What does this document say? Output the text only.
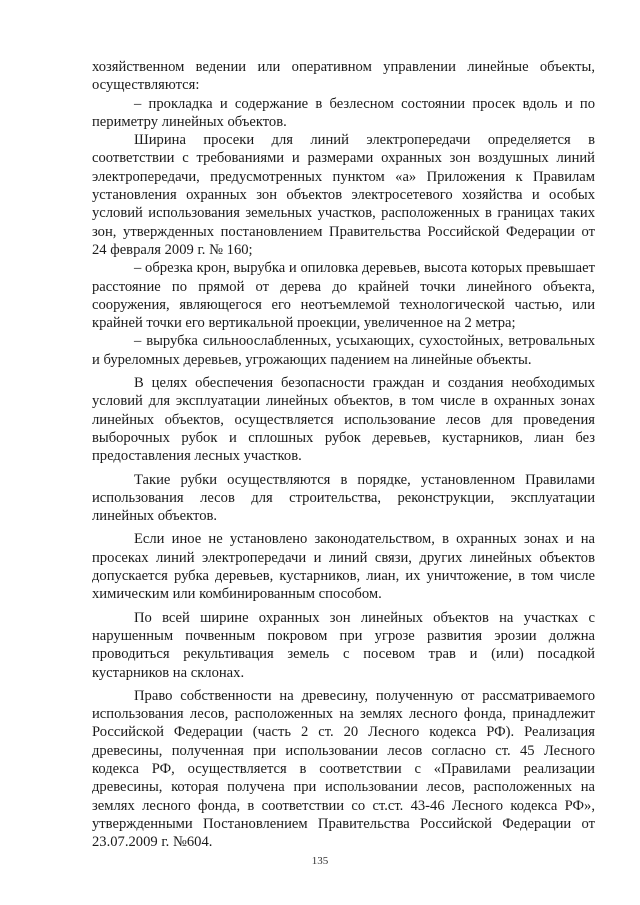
хозяйственном ведении или оперативном управлении линейные объекты, осуществляются:

– прокладка и содержание в безлесном состоянии просек вдоль и по периметру линейных объектов.

Ширина просеки для линий электропередачи определяется в соответствии с требованиями и размерами охранных зон воздушных линий электропередачи, предусмотренных пунктом «а» Приложения к Правилам установления охранных зон объектов электросетевого хозяйства и особых условий использования земельных участков, расположенных в границах таких зон, утвержденных постановлением Правительства Российской Федерации от 24 февраля 2009 г. № 160;

– обрезка крон, вырубка и опиловка деревьев, высота которых превышает расстояние по прямой от дерева до крайней точки линейного объекта, сооружения, являющегося его неотъемлемой технологической частью, или крайней точки его вертикальной проекции, увеличенное на 2 метра;

– вырубка сильноослабленных, усыхающих, сухостойных, ветровальных и буреломных деревьев, угрожающих падением на линейные объекты.

В целях обеспечения безопасности граждан и создания необходимых условий для эксплуатации линейных объектов, в том числе в охранных зонах линейных объектов, осуществляется использование лесов для проведения выборочных рубок и сплошных рубок деревьев, кустарников, лиан без предоставления лесных участков.

Такие рубки осуществляются в порядке, установленном Правилами использования лесов для строительства, реконструкции, эксплуатации линейных объектов.

Если иное не установлено законодательством, в охранных зонах и на просеках линий электропередачи и линий связи, других линейных объектов допускается рубка деревьев, кустарников, лиан, их уничтожение, в том числе химическим или комбинированным способом.

По всей ширине охранных зон линейных объектов на участках с нарушенным почвенным покровом при угрозе развития эрозии должна проводиться рекультивация земель с посевом трав и (или) посадкой кустарников на склонах.

Право собственности на древесину, полученную от рассматриваемого использования лесов, расположенных на землях лесного фонда, принадлежит Российской Федерации (часть 2 ст. 20 Лесного кодекса РФ). Реализация древесины, полученная при использовании лесов согласно ст. 45 Лесного кодекса РФ, осуществляется в соответствии с «Правилами реализации древесины, которая получена при использовании лесов, расположенных на землях лесного фонда, в соответствии со ст.ст. 43-46 Лесного кодекса РФ», утвержденными Постановлением Правительства Российской Федерации от 23.07.2009 г. №604.

135
